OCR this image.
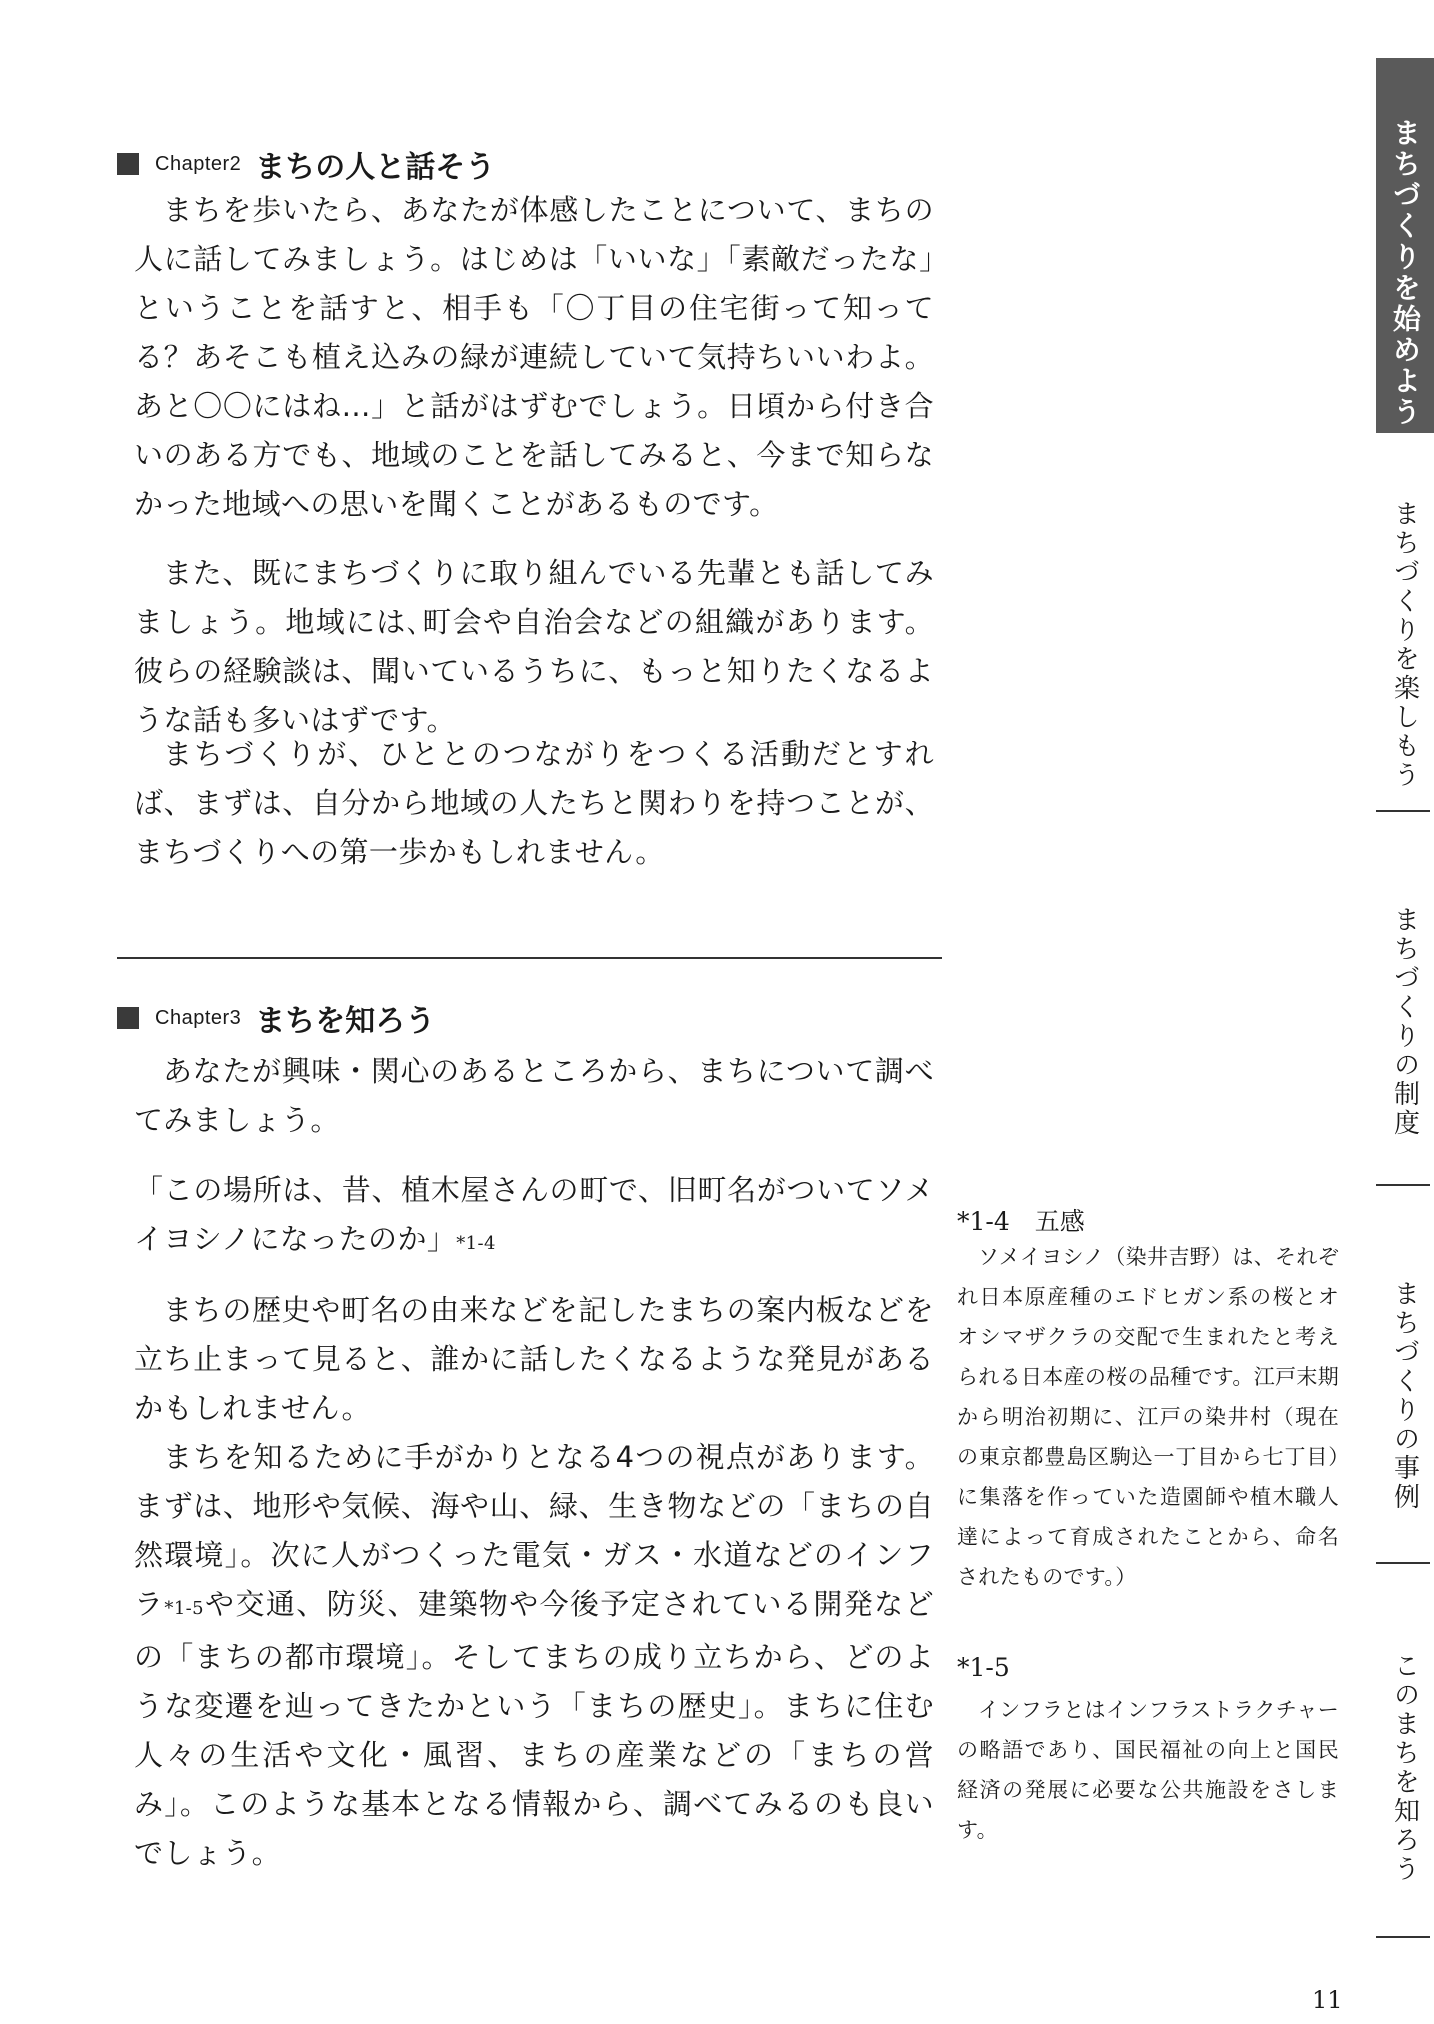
Chapter2 まちの人と話そう

まちを歩いたら、あなたが体感したことについて、まちの人に話してみましょう。はじめは「いいな」「素敵だったな」ということを話すと、相手も「〇丁目の住宅街って知ってる？あそこも植え込みの緑が連続していて気持ちいいわよ。あと〇〇にはね…」と話がはずむでしょう。日頃から付き合いのある方でも、地域のことを話してみると、今まで知らなかった地域への思いを聞くことがあるものです。

また、既にまちづくりに取り組んでいる先輩とも話してみましょう。地域には､町会や自治会などの組織があります。彼らの経験談は、聞いているうちに、もっと知りたくなるような話も多いはずです。

まちづくりが、ひととのつながりをつくる活動だとすれば、まずは、自分から地域の人たちと関わりを持つことが、まちづくりへの第一歩かもしれません。

Chapter3 まちを知ろう

あなたが興味・関心のあるところから、まちについて調べてみましょう。

「この場所は、昔、植木屋さんの町で、旧町名がついてソメイヨシノになったのか」*1-4

まちの歴史や町名の由来などを記したまちの案内板などを立ち止まって見ると、誰かに話したくなるような発見があるかもしれません。

まちを知るために手がかりとなる4つの視点があります。まずは、地形や気候、海や山、緑、生き物などの「まちの自然環境」。次に人がつくった電気・ガス・水道などのインフラ*1-5や交通、防災、建築物や今後予定されている開発などの「まちの都市環境」。そしてまちの成り立ちから、どのような変遷を辿ってきたかという「まちの歴史」。まちに住む人々の生活や文化・風習、まちの産業などの「まちの営み」。このような基本となる情報から、調べてみるのも良いでしょう。

*1-4　五感

ソメイヨシノ（染井吉野）は、それぞれ日本原産種のエドヒガン系の桜とオオシマザクラの交配で生まれたと考えられる日本産の桜の品種です。江戸末期から明治初期に、江戸の染井村（現在の東京都豊島区駒込一丁目から七丁目）に集落を作っていた造園師や植木職人達によって育成されたことから、命名されたものです。）

*1-5

インフラとはインフラストラクチャーの略語であり、国民福祉の向上と国民経済の発展に必要な公共施設をさします。

まちづくりを始めよう
まちづくりを楽しもう
まちづくりの制度
まちづくりの事例
このまちを知ろう
11
